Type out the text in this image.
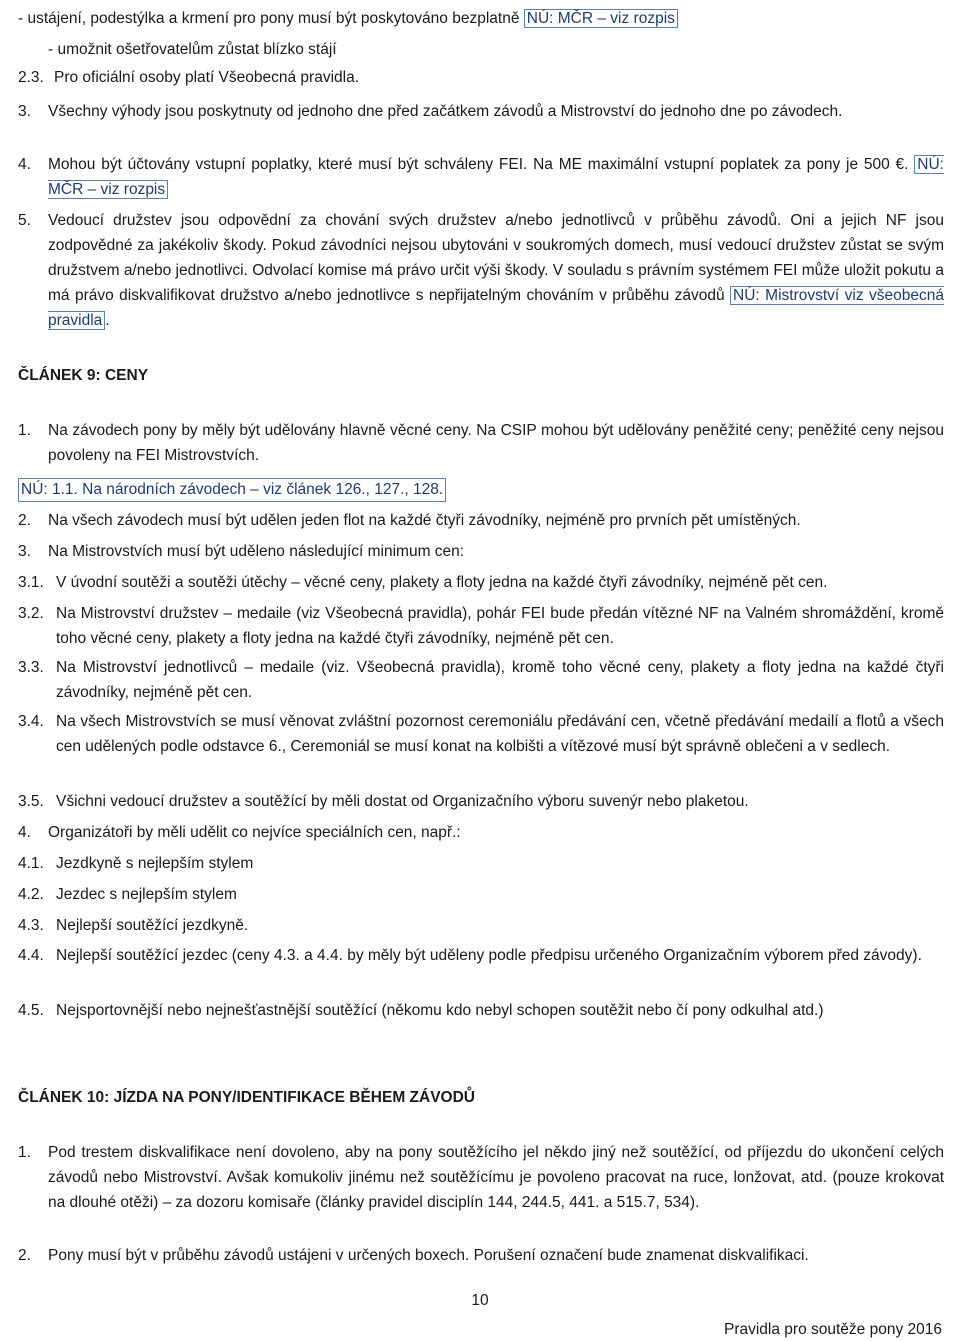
- ustájení, podestýlka a krmení pro pony musí být poskytováno bezplatně NÚ: MČR – viz rozpis
- umožnit ošetřovatelům zůstat blízko stájí
2.3. Pro oficiální osoby platí Všeobecná pravidla.
3. Všechny výhody jsou poskytnuty od jednoho dne před začátkem závodů a Mistrovství do jednoho dne po závodech.
4. Mohou být účtovány vstupní poplatky, které musí být schváleny FEI. Na ME maximální vstupní poplatek za pony je 500 €. NÚ: MČR – viz rozpis
5. Vedoucí družstev jsou odpovědní za chování svých družstev a/nebo jednotlivců v průběhu závodů. Oni a jejich NF jsou zodpovědné za jakékoliv škody. Pokud závodníci nejsou ubytováni v soukromých domech, musí vedoucí družstev zůstat se svým družstvem a/nebo jednotlivci. Odvolací komise má právo určit výši škody. V souladu s právním systémem FEI může uložit pokutu a má právo diskvalifikovat družstvo a/nebo jednotlivce s nepřijatelným chováním v průběhu závodů NÚ: Mistrovství viz všeobecná pravidla .
ČLÁNEK 9: CENY
1. Na závodech pony by měly být udělovány hlavně věcné ceny. Na CSIP mohou být udělovány peněžité ceny; peněžité ceny nejsou povoleny na FEI Mistrovstvích.
NÚ: 1.1. Na národních závodech – viz článek 126., 127., 128.
2. Na všech závodech musí být udělen jeden flot na každé čtyři závodníky, nejméně pro prvních pět umístěných.
3. Na Mistrovstvích musí být uděleno následující minimum cen:
3.1. V úvodní soutěži a soutěži útěchy – věcné ceny, plakety a floty jedna na každé čtyři závodníky, nejméně pět cen.
3.2. Na Mistrovství družstev – medaile (viz Všeobecná pravidla), pohár FEI bude předán vítězné NF na Valném shromáždění, kromě toho věcné ceny, plakety a floty jedna na každé čtyři závodníky, nejméně pět cen.
3.3. Na Mistrovství jednotlivců – medaile (viz. Všeobecná pravidla), kromě toho věcné ceny, plakety a floty jedna na každé čtyři závodníky, nejméně pět cen.
3.4. Na všech Mistrovstvích se musí věnovat zvláštní pozornost ceremoniálu předávání cen, včetně předávání medailí a flotů a všech cen udělených podle odstavce 6., Ceremoniál se musí konat na kolbišti a vítězové musí být správně oblečeni a v sedlech.
3.5. Všichni vedoucí družstev a soutěžící by měli dostat od Organizačního výboru suvenýr nebo plaketou.
4. Organizátoři by měli udělit co nejvíce speciálních cen, např.:
4.1. Jezdkyně s nejlepším stylem
4.2. Jezdec s nejlepším stylem
4.3. Nejlepší soutěžící jezdkyně.
4.4. Nejlepší soutěžící jezdec (ceny 4.3. a 4.4. by měly být uděleny podle předpisu určeného Organizačním výborem před závody).
4.5. Nejsportovnější nebo nejnešťastnější soutěžící (někomu kdo nebyl schopen soutěžit nebo čí pony odkulhal atd.)
ČLÁNEK 10: JÍZDA NA PONY/IDENTIFIKACE BĚHEM ZÁVODŮ
1. Pod trestem diskvalifikace není dovoleno, aby na pony soutěžícího jel někdo jiný než soutěžící, od příjezdu do ukončení celých závodů nebo Mistrovství. Avšak komukoliv jinému než soutěžícímu je povoleno pracovat na ruce, lonžovat, atd. (pouze krokovat na dlouhé otěži) – za dozoru komisaře (články pravidel disciplín 144, 244.5, 441. a 515.7, 534).
2. Pony musí být v průběhu závodů ustájeni v určených boxech. Porušení označení bude znamenat diskvalifikaci.
10
Pravidla pro soutěže pony 2016
